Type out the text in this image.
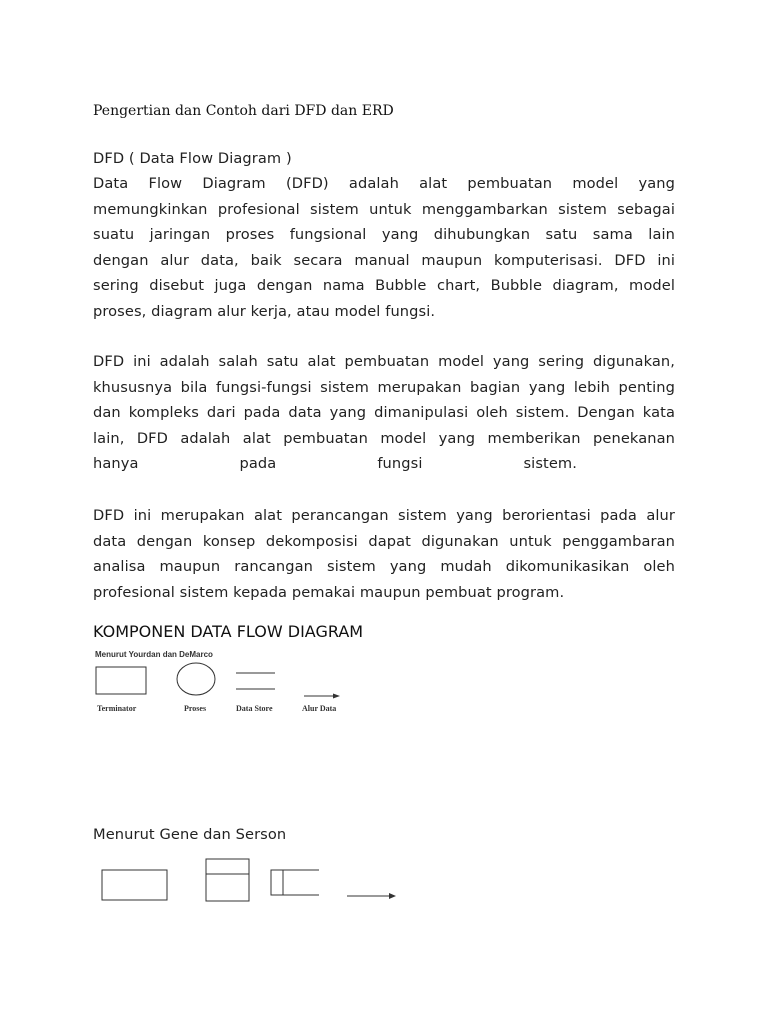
Pengertian dan Contoh dari DFD dan ERD
DFD ( Data Flow Diagram )
Data Flow Diagram (DFD) adalah alat pembuatan model yang
memungkinkan profesional sistem untuk menggambarkan sistem sebagai
suatu jaringan proses fungsional yang dihubungkan satu sama lain
dengan alur data, baik secara manual maupun komputerisasi. DFD ini
sering disebut juga dengan nama Bubble chart, Bubble diagram, model
proses, diagram alur kerja, atau model fungsi.
DFD ini adalah salah satu alat pembuatan model yang sering digunakan,
khususnya bila fungsi-fungsi sistem merupakan bagian yang lebih penting
dan kompleks dari pada data yang dimanipulasi oleh sistem. Dengan kata
lain, DFD adalah alat pembuatan model yang memberikan penekanan
hanya pada fungsi sistem.
DFD ini merupakan alat perancangan sistem yang berorientasi pada alur
data dengan konsep dekomposisi dapat digunakan untuk penggambaran
analisa maupun rancangan sistem yang mudah dikomunikasikan oleh
profesional sistem kepada pemakai maupun pembuat program.
KOMPONEN DATA FLOW DIAGRAM
Menurut Yourdan dan DeMarco
Terminator	Proses	Data Store	Alur Data
Menurut Gene dan Serson
